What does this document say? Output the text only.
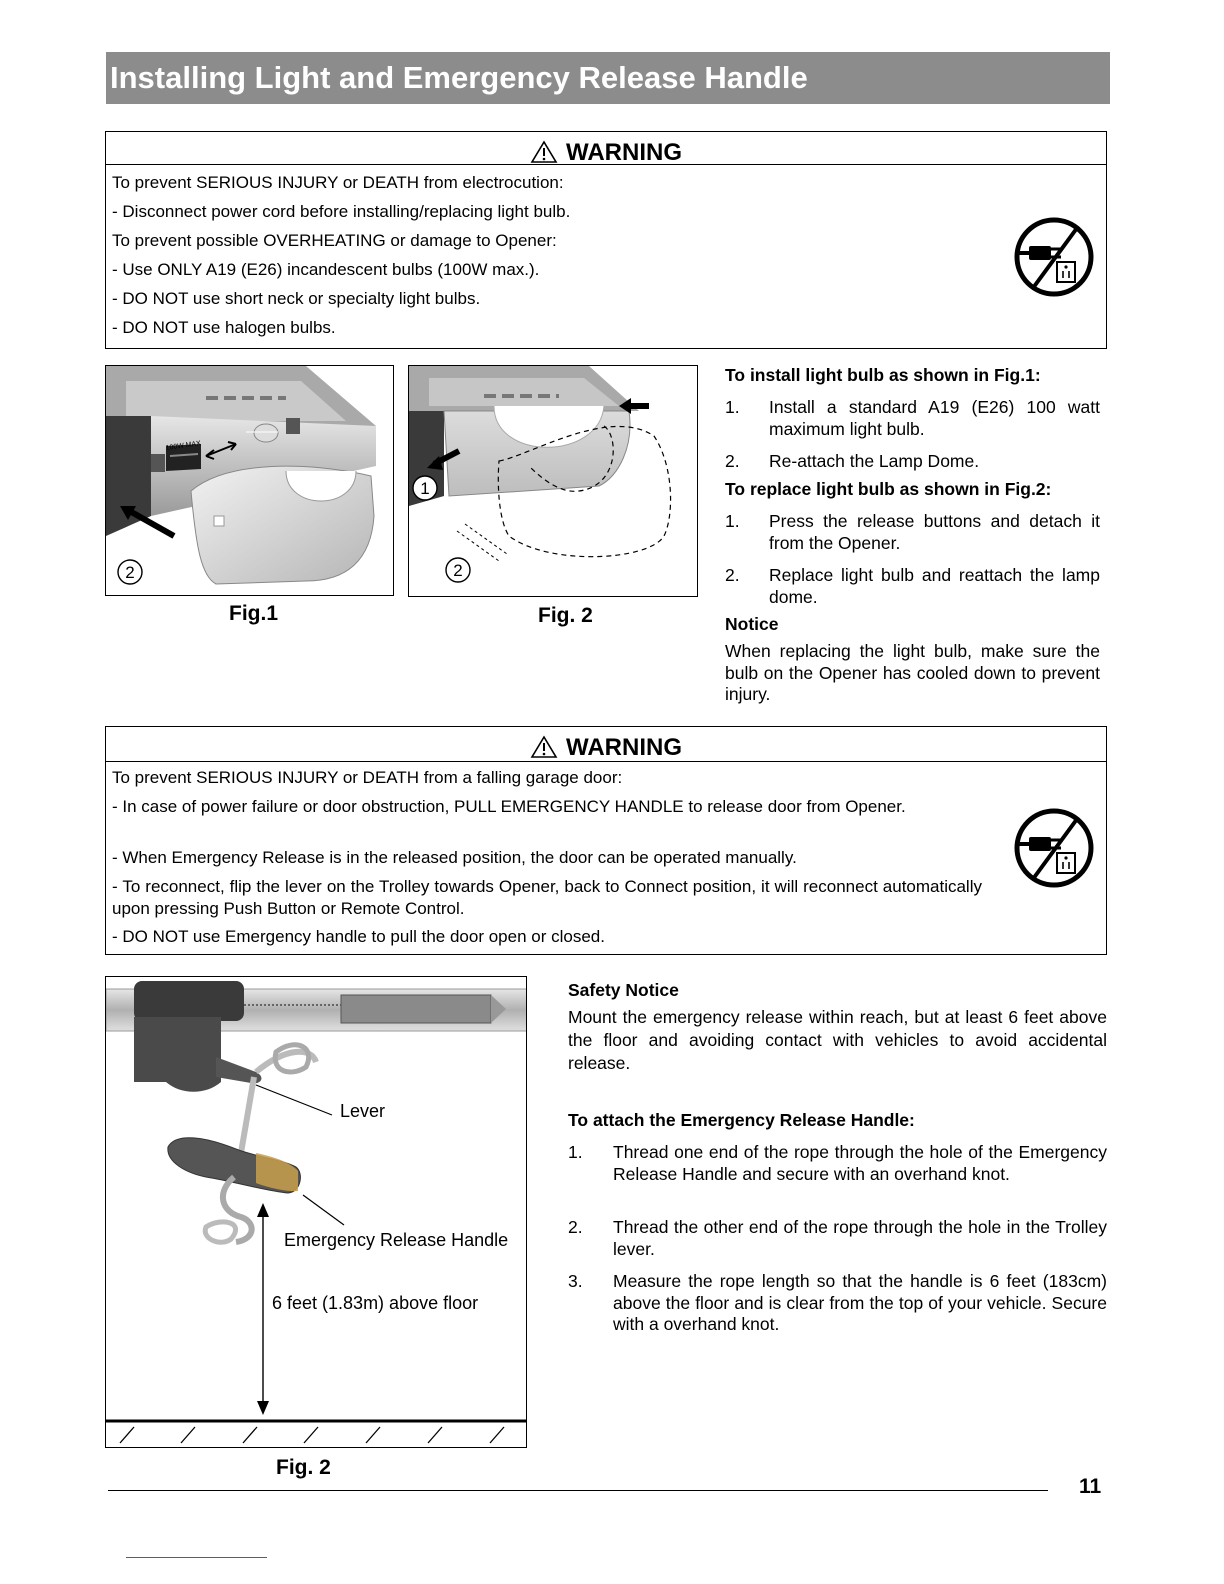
Installing Light and Emergency Release Handle
WARNING
To prevent SERIOUS INJURY or DEATH from electrocution:
- Disconnect power cord before installing/replacing light bulb.
To prevent possible OVERHEATING or damage to Opener:
- Use ONLY A19 (E26) incandescent bulbs (100W max.).
- DO NOT use short neck or specialty light bulbs.
- DO NOT use halogen bulbs.
100W MAX
2
Fig.1
1
2
Fig. 2
To install light bulb as shown in Fig.1:
1. Install a standard A19 (E26) 100 watt maximum light bulb.
2. Re-attach the Lamp Dome.
To replace light bulb as shown in Fig.2:
1. Press the release buttons and detach it from the Opener.
2. Replace light bulb and reattach the lamp dome.
Notice
When replacing the light bulb, make sure the bulb on the Opener has cooled down to prevent injury.
WARNING
To prevent SERIOUS INJURY or DEATH from a falling garage door:
- In case of power failure or door obstruction, PULL EMERGENCY HANDLE to release door from Opener.
- When Emergency Release is in the released position, the door can be operated manually.
- To reconnect, flip the lever on the Trolley towards Opener, back to Connect position, it will reconnect automatically upon pressing Push Button or Remote Control.
- DO NOT use Emergency handle to pull the door open or closed.
Lever
Emergency Release Handle
6 feet (1.83m) above floor
Fig. 2
Safety Notice
Mount the emergency release within reach, but at least 6 feet above the floor and avoiding contact with vehicles to avoid accidental release.
To attach the Emergency Release Handle:
1. Thread one end of the rope through the hole of the Emergency Release Handle and secure with an overhand knot.
2. Thread the other end of the rope through the hole in the Trolley lever.
3. Measure the rope length so that the handle is 6 feet (183cm) above the floor and is clear from the top of your vehicle. Secure with a overhand knot.
11
